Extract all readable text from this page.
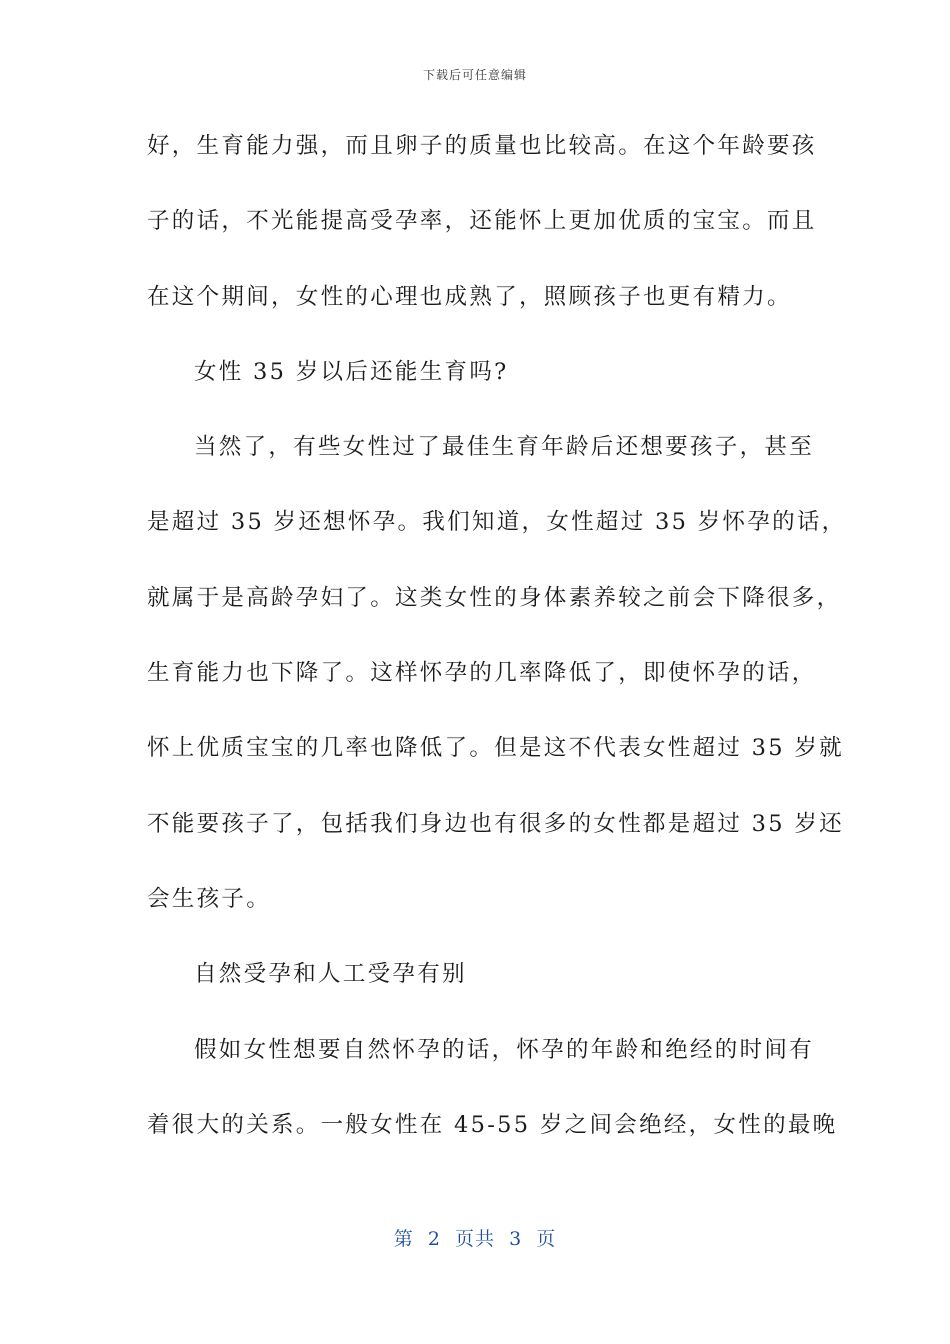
下载后可任意编辑
好，生育能力强，而且卵子的质量也比较高。在这个年龄要孩
子的话，不光能提高受孕率，还能怀上更加优质的宝宝。而且
在这个期间，女性的心理也成熟了，照顾孩子也更有精力。
女性 35 岁以后还能生育吗?
当然了，有些女性过了最佳生育年龄后还想要孩子，甚至
是超过 35 岁还想怀孕。我们知道，女性超过 35 岁怀孕的话，
就属于是高龄孕妇了。这类女性的身体素养较之前会下降很多，
生育能力也下降了。这样怀孕的几率降低了，即使怀孕的话，
怀上优质宝宝的几率也降低了。但是这不代表女性超过 35 岁就
不能要孩子了，包括我们身边也有很多的女性都是超过 35 岁还
会生孩子。
自然受孕和人工受孕有别
假如女性想要自然怀孕的话，怀孕的年龄和绝经的时间有
着很大的关系。一般女性在 45-55 岁之间会绝经，女性的最晚
第  2  页共  3  页
